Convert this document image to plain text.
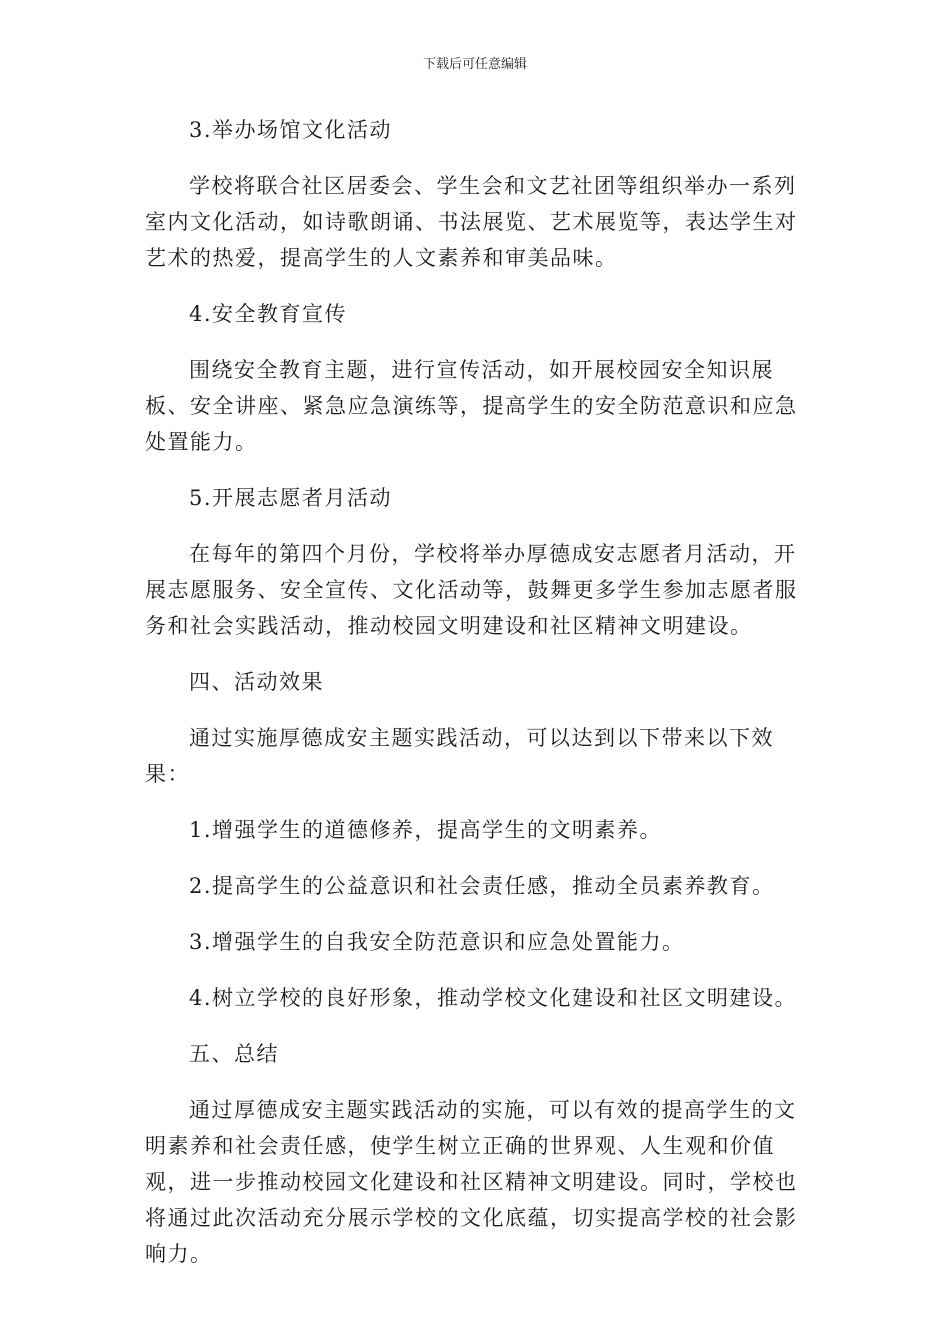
下载后可任意编辑

3.举办场馆文化活动

学校将联合社区居委会、学生会和文艺社团等组织举办一系列室内文化活动，如诗歌朗诵、书法展览、艺术展览等，表达学生对艺术的热爱，提高学生的人文素养和审美品味。

4.安全教育宣传

围绕安全教育主题，进行宣传活动，如开展校园安全知识展板、安全讲座、紧急应急演练等，提高学生的安全防范意识和应急处置能力。

5.开展志愿者月活动

在每年的第四个月份，学校将举办厚德成安志愿者月活动，开展志愿服务、安全宣传、文化活动等，鼓舞更多学生参加志愿者服务和社会实践活动，推动校园文明建设和社区精神文明建设。

四、活动效果

通过实施厚德成安主题实践活动，可以达到以下带来以下效果：

1.增强学生的道德修养，提高学生的文明素养。

2.提高学生的公益意识和社会责任感，推动全员素养教育。

3.增强学生的自我安全防范意识和应急处置能力。

4.树立学校的良好形象，推动学校文化建设和社区文明建设。

五、总结

通过厚德成安主题实践活动的实施，可以有效的提高学生的文明素养和社会责任感，使学生树立正确的世界观、人生观和价值观，进一步推动校园文化建设和社区精神文明建设。同时，学校也将通过此次活动充分展示学校的文化底蕴，切实提高学校的社会影响力。
